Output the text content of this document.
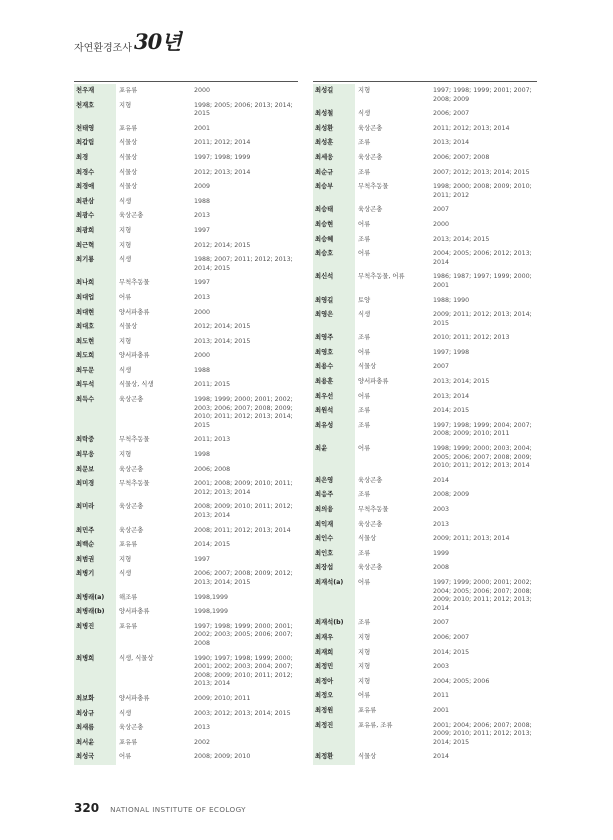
자연환경조사 30년
천우재	포유류	2000
천재호	지형	1998; 2005; 2006; 2013; 2014; 2015
천태영	포유류	2001
최갑림	식물상	2011; 2012; 2014
최경	식물상	1997; 1998; 1999
최경수	식물상	2012; 2013; 2014
최경애	식물상	2009
최관삼	식생	1988
최광수	육상곤충	2013
최광희	지형	1997
최근혁	지형	2012; 2014; 2015
최기룡	식생	1988; 2007; 2011; 2012; 2013; 2014; 2015
최나희	무척추동물	1997
최대업	어류	2013
최대현	양서파충류	2000
최대호	식물상	2012; 2014; 2015
최도현	지형	2013; 2014; 2015
최도희	양서파충류	2000
최두문	식생	1988
최두석	식물상, 식생	2011; 2015
최득수	육상곤충	1998; 1999; 2000; 2001; 2002; 2003; 2006; 2007; 2008; 2009; 2010; 2011; 2012; 2013; 2014; 2015
최락중	무척추동물	2011; 2013
최무웅	지형	1998
최문보	육상곤충	2006; 2008
최미경	무척추동물	2001; 2008; 2009; 2010; 2011; 2012; 2013; 2014
최미라	육상곤충	2008; 2009; 2010; 2011; 2012; 2013; 2014
최민주	육상곤충	2008; 2011; 2012; 2013; 2014
최백순	포유류	2014; 2015
최범권	지형	1997
최병기	식생	2006; 2007; 2008; 2009; 2012; 2013; 2014; 2015
최병래(a)	해조류	1998,1999
최병래(b)	양서파충류	1998,1999
최병진	포유류	1997; 1998; 1999; 2000; 2001; 2002; 2003; 2005; 2006; 2007; 2008
최병희	식생, 식물상	1990; 1997; 1998; 1999; 2000; 2001; 2002; 2003; 2004; 2007; 2008; 2009; 2010; 2011; 2012; 2013; 2014
최보화	양서파충류	2009; 2010; 2011
최상규	식생	2003; 2012; 2013; 2014; 2015
최새름	육상곤충	2013
최서윤	포유류	2002
최성국	어류	2008; 2009; 2010
최성길	지형	1997; 1998; 1999; 2001; 2007; 2008; 2009
최성철	식생	2006; 2007
최성환	육상곤충	2011; 2012; 2013; 2014
최성훈	조류	2013; 2014
최세웅	육상곤충	2006; 2007; 2008
최순규	조류	2007; 2012; 2013; 2014; 2015
최승부	무척추동물	1998; 2000; 2008; 2009; 2010; 2011; 2012
최승태	육상곤충	2007
최승현	어류	2000
최승혜	조류	2013; 2014; 2015
최승호	어류	2004; 2005; 2006; 2012; 2013; 2014
최신석	무척추동물, 어류	1986; 1987; 1997; 1999; 2000; 2001
최영길	토양	1988; 1990
최영은	식생	2009; 2011; 2012; 2013; 2014; 2015
최영주	조류	2010; 2011; 2012; 2013
최영호	어류	1997; 1998
최용수	식물상	2007
최용훈	양서파충류	2013; 2014; 2015
최우선	어류	2013; 2014
최원석	조류	2014; 2015
최유성	조류	1997; 1998; 1999; 2004; 2007; 2008; 2009; 2010; 2011
최윤	어류	1998; 1999; 2000; 2003; 2004; 2005; 2006; 2007; 2008; 2009; 2010; 2011; 2012; 2013; 2014
최은영	육상곤충	2014
최응주	조류	2008; 2009
최의융	무척추동물	2003
최익재	육상곤충	2013
최인수	식물상	2009; 2011; 2013; 2014
최인호	조류	1999
최장섭	육상곤충	2008
최재석(a)	어류	1997; 1999; 2000; 2001; 2002; 2004; 2005; 2006; 2007; 2008; 2009; 2010; 2011; 2012; 2013; 2014
최재석(b)	조류	2007
최재우	지형	2006; 2007
최재희	지형	2014; 2015
최정민	지형	2003
최정아	지형	2004; 2005; 2006
최정오	어류	2011
최정원	포유류	2001
최정진	포유류, 조류	2001; 2004; 2006; 2007; 2008; 2009; 2010; 2011; 2012; 2013; 2014; 2015
최정환	식물상	2014
320 NATIONAL INSTITUTE OF ECOLOGY
